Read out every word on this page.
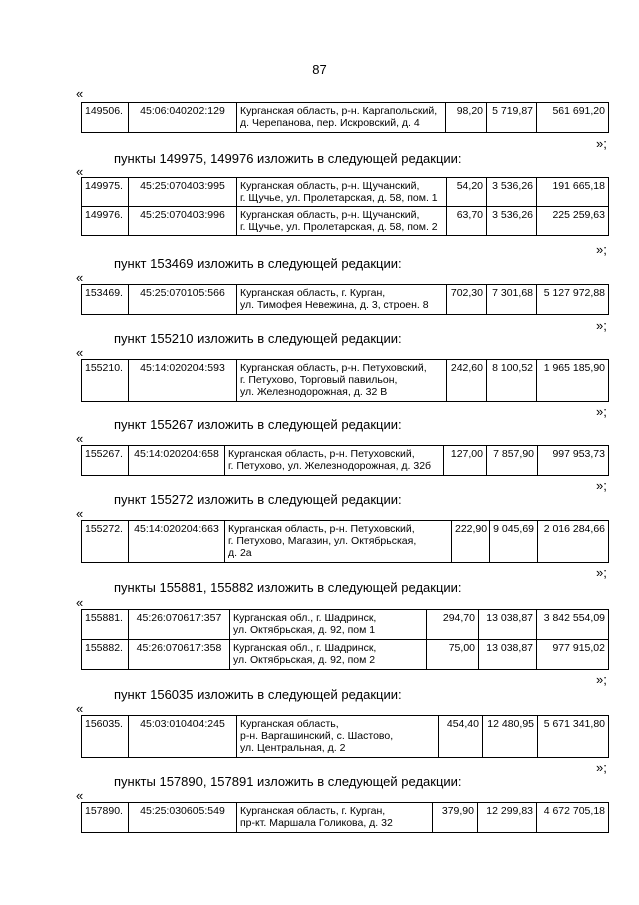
87
«
149506.	45:06:040202:129	Курганская область, р-н. Каргапольский,
д. Черепанова, пер. Искровский, д. 4
	98,20	5 719,87	561 691,20
»;
пункты 149975, 149976 изложить в следующей редакции:
«
149975.	45:25:070403:995	Курганская область, р-н. Щучанский,
г. Щучье, ул. Пролетарская, д. 58, пом. 1	54,20	3 536,26	191 665,18
149976.	45:25:070403:996	Курганская область, р-н. Щучанский,
г. Щучье, ул. Пролетарская, д. 58, пом. 2	63,70	3 536,26	225 259,63
»;
пункт 153469 изложить в следующей редакции:
«
153469.	45:25:070105:566	Курганская область, г. Курган,
ул. Тимофея Невежина, д. 3, строен. 8
	702,30	7 301,68	5 127 972,88
»;
пункт 155210 изложить в следующей редакции:
«
155210.	45:14:020204:593	Курганская область, р-н. Петуховский,
г. Петухово, Торговый павильон,
ул. Железнодорожная, д. 32 В
	242,60	8 100,52	1 965 185,90
»;
пункт 155267 изложить в следующей редакции:
«
155267.	45:14:020204:658	Курганская область, р-н. Петуховский,
г. Петухово, ул. Железнодорожная, д. 32б
	127,00	7 857,90	997 953,73
»;
пункт 155272 изложить в следующей редакции:
«
155272.	45:14:020204:663	Курганская область, р-н. Петуховский,
г. Петухово, Магазин, ул. Октябрьская,
д. 2а
	222,90	9 045,69	2 016 284,66
»;
пункты 155881, 155882 изложить в следующей редакции:
«
155881.	45:26:070617:357	Курганская обл., г. Шадринск,
ул. Октябрьская, д. 92, пом 1	294,70	13 038,87	3 842 554,09
155882.	45:26:070617:358	Курганская обл., г. Шадринск,
ул. Октябрьская, д. 92, пом 2	75,00	13 038,87	977 915,02
»;
пункт 156035 изложить в следующей редакции:
«
156035.	45:03:010404:245	Курганская область,
р-н. Варгашинский, с. Шастово,
ул. Центральная, д. 2
	454,40	12 480,95	5 671 341,80
»;
пункты 157890, 157891 изложить в следующей редакции:
«
157890.	45:25:030605:549	Курганская область, г. Курган,
пр-кт. Маршала Голикова, д. 32
	379,90	12 299,83	4 672 705,18
